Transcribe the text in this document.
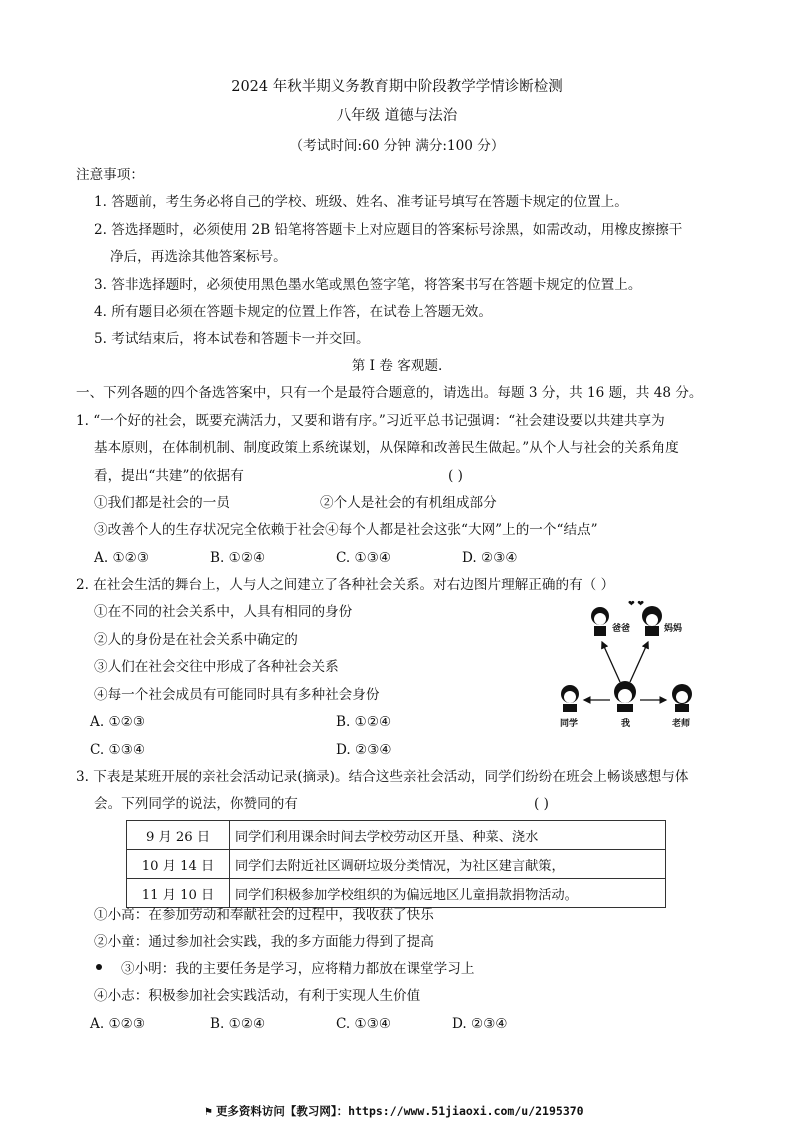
2024 年秋半期义务教育期中阶段教学学情诊断检测
八年级 道德与法治
（考试时间:60 分钟 满分:100 分）
注意事项：
1. 答题前，考生务必将自己的学校、班级、姓名、准考证号填写在答题卡规定的位置上。
2. 答选择题时，必须使用 2B 铅笔将答题卡上对应题目的答案标号涂黑，如需改动，用橡皮擦擦干
净后，再选涂其他答案标号。
3. 答非选择题时，必须使用黑色墨水笔或黑色签字笔，将答案书写在答题卡规定的位置上。
4. 所有题目必须在答题卡规定的位置上作答，在试卷上答题无效。
5. 考试结束后，将本试卷和答题卡一并交回。
第 I 卷 客观题.
一、下列各题的四个备选答案中，只有一个是最符合题意的，请选出。每题 3 分，共 16 题，共 48 分。
1. “一个好的社会，既要充满活力，又要和谐有序。”习近平总书记强调：“社会建设要以共建共享为
基本原则，在体制机制、制度政策上系统谋划，从保障和改善民生做起。”从个人与社会的关系角度
看，提出“共建”的依据有	( )
①我们都是社会的一员	②个人是社会的有机组成部分
③改善个人的生存状况完全依赖于社会④每个人都是社会这张“大网”上的一个“结点”
A. ①②③	B. ①②④	C. ①③④	D. ②③④
2. 在社会生活的舞台上，人与人之间建立了各种社会关系。对右边图片理解正确的有（ ）
①在不同的社会关系中，人具有相同的身份
②人的身份是在社会关系中确定的
③人们在社会交往中形成了各种社会关系
④每一个社会成员有可能同时具有多种社会身份
A. ①②③	B. ①②④
C. ①③④	D. ②③④
❤ ❤
爸爸	妈妈
同学	我	老师
3. 下表是某班开展的亲社会活动记录(摘录)。结合这些亲社会活动，同学们纷纷在班会上畅谈感想与体
会。下列同学的说法，你赞同的有	( )
9 月 26 日	同学们利用课余时间去学校劳动区开垦、种菜、浇水
10 月 14 日	同学们去附近社区调研垃圾分类情况，为社区建言献策，
11 月 10 日	同学们积极参加学校组织的为偏远地区儿童捐款捐物活动。
①小高：在参加劳动和奉献社会的过程中，我收获了快乐
②小童：通过参加社会实践，我的多方面能力得到了提高
③小明：我的主要任务是学习，应将精力都放在课堂学习上
④小志：积极参加社会实践活动，有利于实现人生价值
A. ①②③	B. ①②④	C. ①③④	D. ②③④
⚑ 更多资料访问【教习网】：https://www.51jiaoxi.com/u/2195370
